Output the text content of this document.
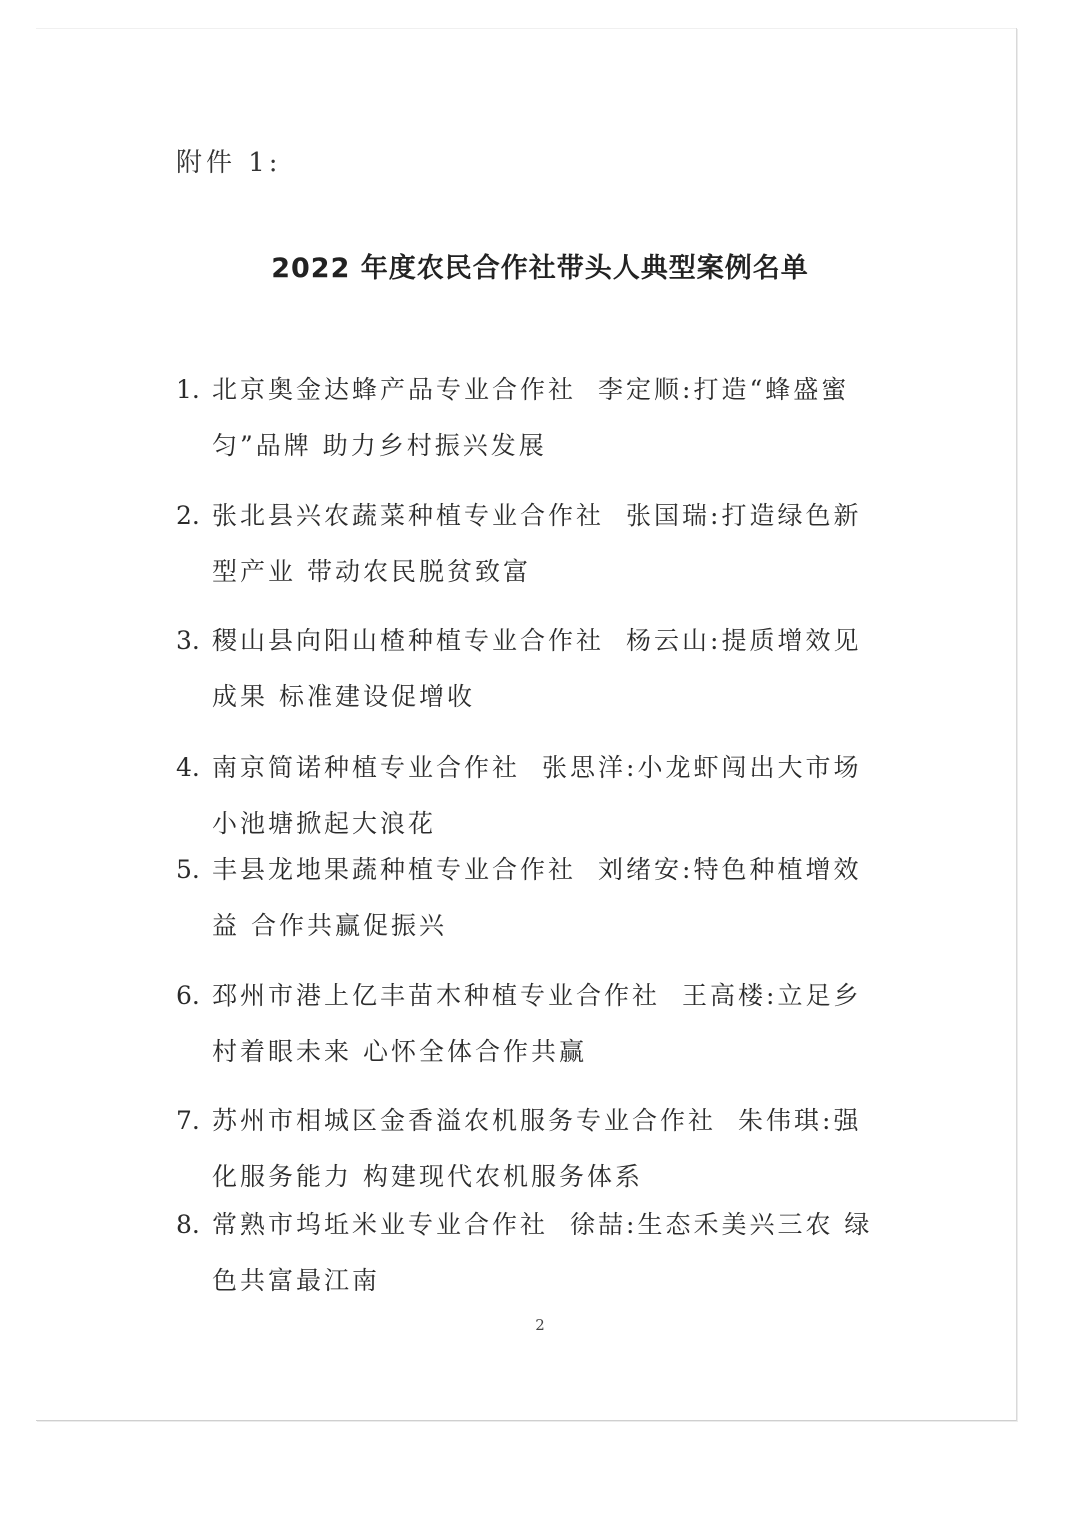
附件 1:
2022 年度农民合作社带头人典型案例名单
1. 北京奥金达蜂产品专业合作社 李定顺:打造“蜂盛蜜
匀”品牌 助力乡村振兴发展
2. 张北县兴农蔬菜种植专业合作社 张国瑞:打造绿色新
型产业 带动农民脱贫致富
3. 稷山县向阳山楂种植专业合作社 杨云山:提质增效见
成果 标准建设促增收
4. 南京简诺种植专业合作社 张思洋:小龙虾闯出大市场
小池塘掀起大浪花
5. 丰县龙地果蔬种植专业合作社 刘绪安:特色种植增效
益 合作共赢促振兴
6. 邳州市港上亿丰苗木种植专业合作社 王高楼:立足乡
村着眼未来 心怀全体合作共赢
7. 苏州市相城区金香溢农机服务专业合作社 朱伟琪:强
化服务能力 构建现代农机服务体系
8. 常熟市坞坵米业专业合作社 徐喆:生态禾美兴三农 绿
色共富最江南
2
